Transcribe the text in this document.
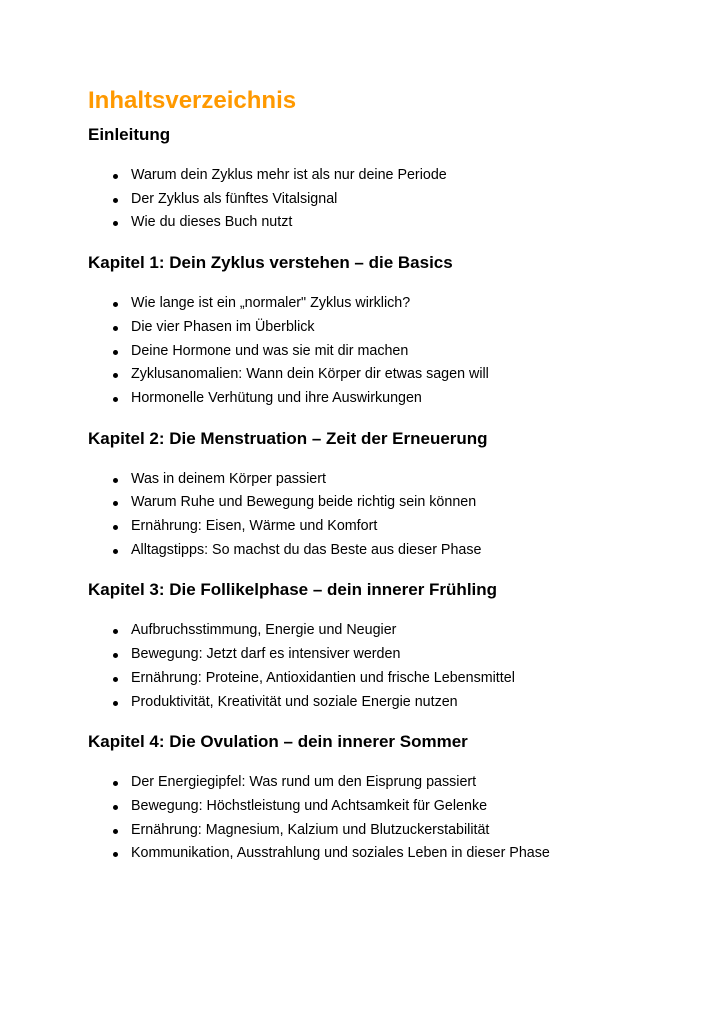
Inhaltsverzeichnis
Einleitung
Warum dein Zyklus mehr ist als nur deine Periode
Der Zyklus als fünftes Vitalsignal
Wie du dieses Buch nutzt
Kapitel 1: Dein Zyklus verstehen – die Basics
Wie lange ist ein „normaler" Zyklus wirklich?
Die vier Phasen im Überblick
Deine Hormone und was sie mit dir machen
Zyklusanomalien: Wann dein Körper dir etwas sagen will
Hormonelle Verhütung und ihre Auswirkungen
Kapitel 2: Die Menstruation – Zeit der Erneuerung
Was in deinem Körper passiert
Warum Ruhe und Bewegung beide richtig sein können
Ernährung: Eisen, Wärme und Komfort
Alltagstipps: So machst du das Beste aus dieser Phase
Kapitel 3: Die Follikelphase – dein innerer Frühling
Aufbruchsstimmung, Energie und Neugier
Bewegung: Jetzt darf es intensiver werden
Ernährung: Proteine, Antioxidantien und frische Lebensmittel
Produktivität, Kreativität und soziale Energie nutzen
Kapitel 4: Die Ovulation – dein innerer Sommer
Der Energiegipfel: Was rund um den Eisprung passiert
Bewegung: Höchstleistung und Achtsamkeit für Gelenke
Ernährung: Magnesium, Kalzium und Blutzuckerstabilität
Kommunikation, Ausstrahlung und soziales Leben in dieser Phase
